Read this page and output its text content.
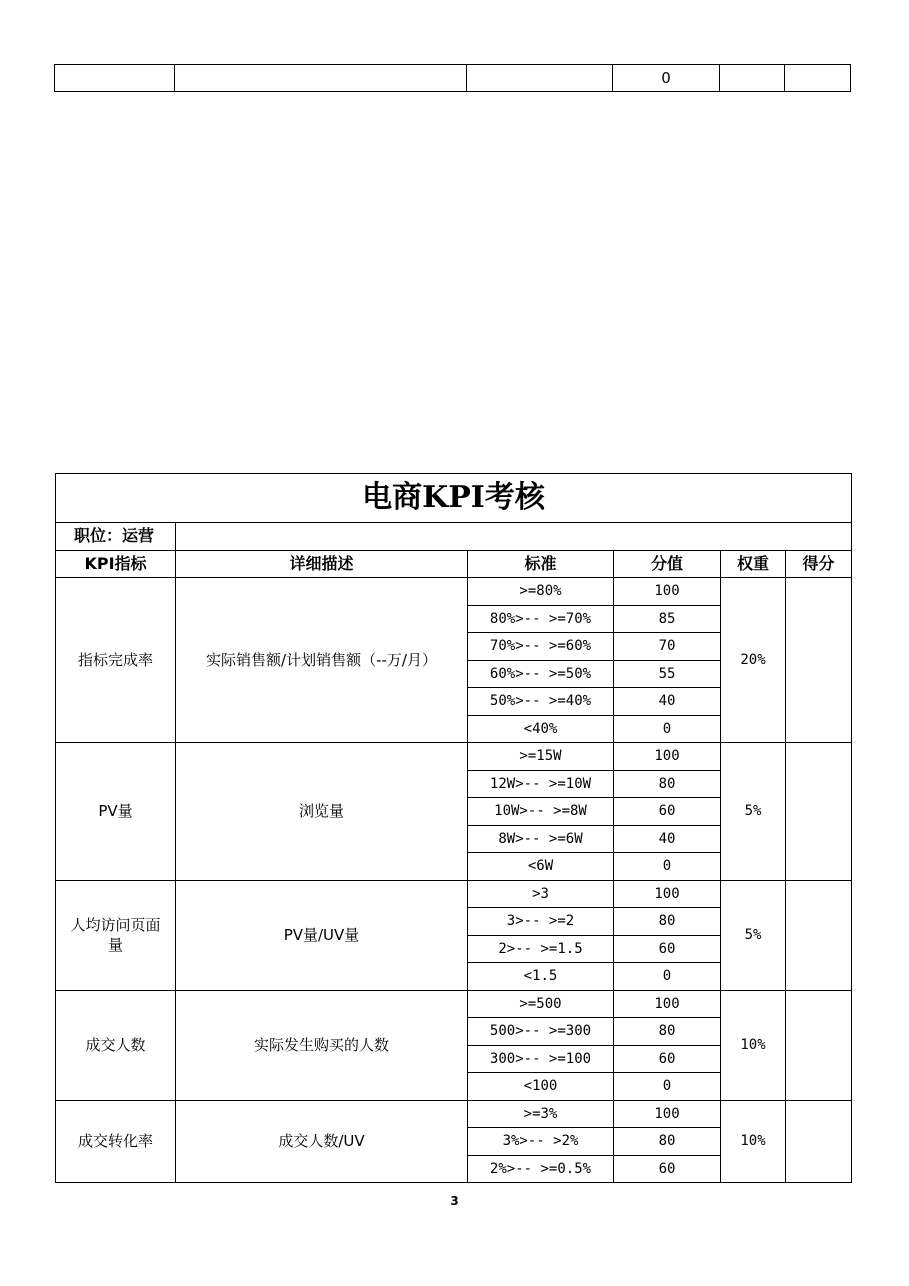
			0		
电商KPI考核					
职位：运营					
KPI指标	详细描述	标准	分值	权重	得分
指标完成率	实际销售额/计划销售额（--万/月）	>=80%	100	20%	
		80%>-- >=70%	85		
		70%>-- >=60%	70		
		60%>-- >=50%	55		
		50%>-- >=40%	40		
		<40%	0		
PV量	浏览量	>=15W	100	5%	
		12W>-- >=10W	80		
		10W>-- >=8W	60		
		8W>-- >=6W	40		
		<6W	0		
人均访问页面量	PV量/UV量	>3	100	5%	
		3>-- >=2	80		
		2>-- >=1.5	60		
		<1.5	0		
成交人数	实际发生购买的人数	>=500	100	10%	
		500>-- >=300	80		
		300>-- >=100	60		
		<100	0		
成交转化率	成交人数/UV	>=3%	100	10%	
		3%>-- >2%	80		
		2%>-- >=0.5%	60		
3
